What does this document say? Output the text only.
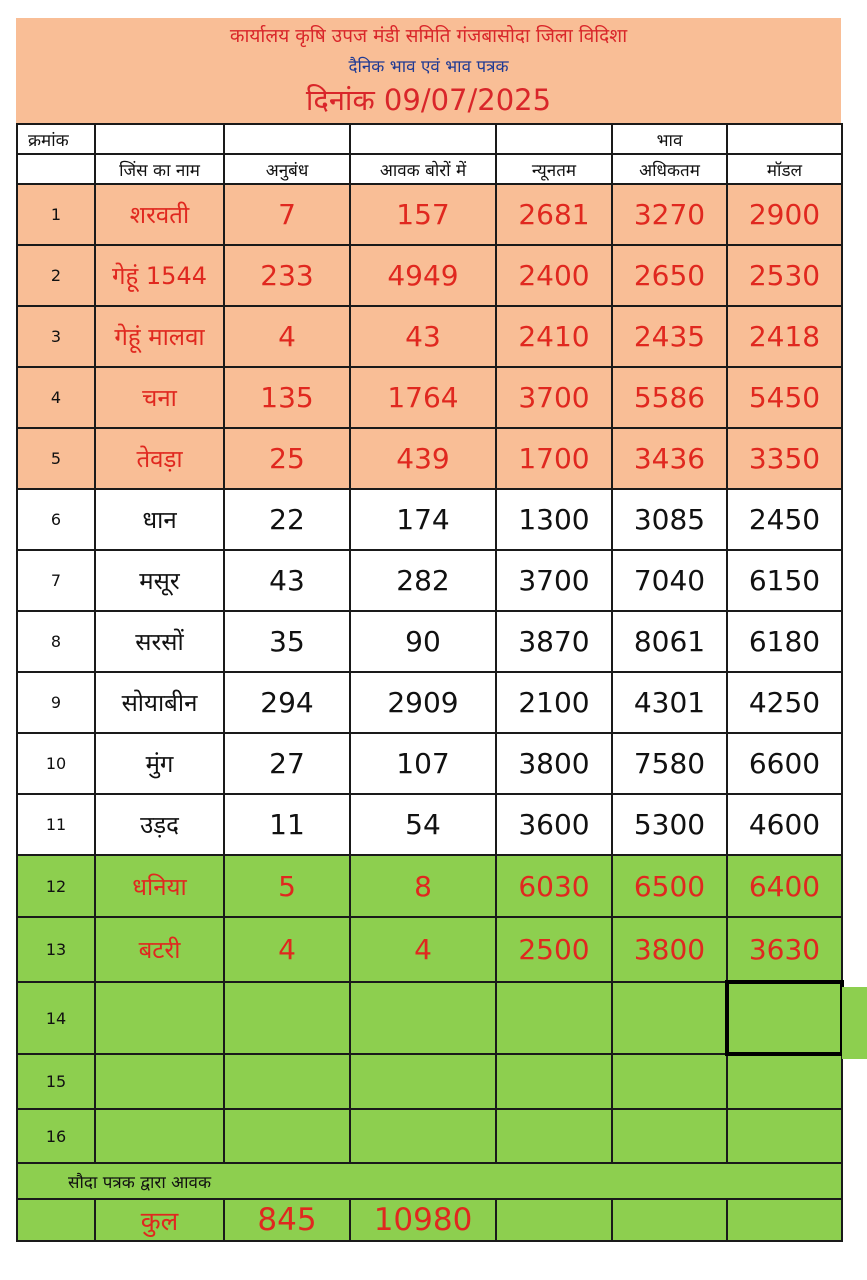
कार्यालय कृषि उपज मंडी समिति गंजबासोदा जिला विदिशा
दैनिक भाव एवं भाव पत्रक
दिनांक 09/07/2025
क्रमांक					भाव	
	जिंस का नाम	अनुबंध	आवक बोरों में	न्यूनतम	अधिकतम	मॉडल
1	शरवती	7	157	2681	3270	2900
2	गेहूं 1544	233	4949	2400	2650	2530
3	गेहूं मालवा	4	43	2410	2435	2418
4	चना	135	1764	3700	5586	5450
5	तेवड़ा	25	439	1700	3436	3350
6	धान	22	174	1300	3085	2450
7	मसूर	43	282	3700	7040	6150
8	सरसों	35	90	3870	8061	6180
9	सोयाबीन	294	2909	2100	4301	4250
10	मुंग	27	107	3800	7580	6600
11	उड़द	11	54	3600	5300	4600
12	धनिया	5	8	6030	6500	6400
13	बटरी	4	4	2500	3800	3630
14						
15						
16						
सौदा पत्रक द्वारा आवक						
	कुल	845	10980			
